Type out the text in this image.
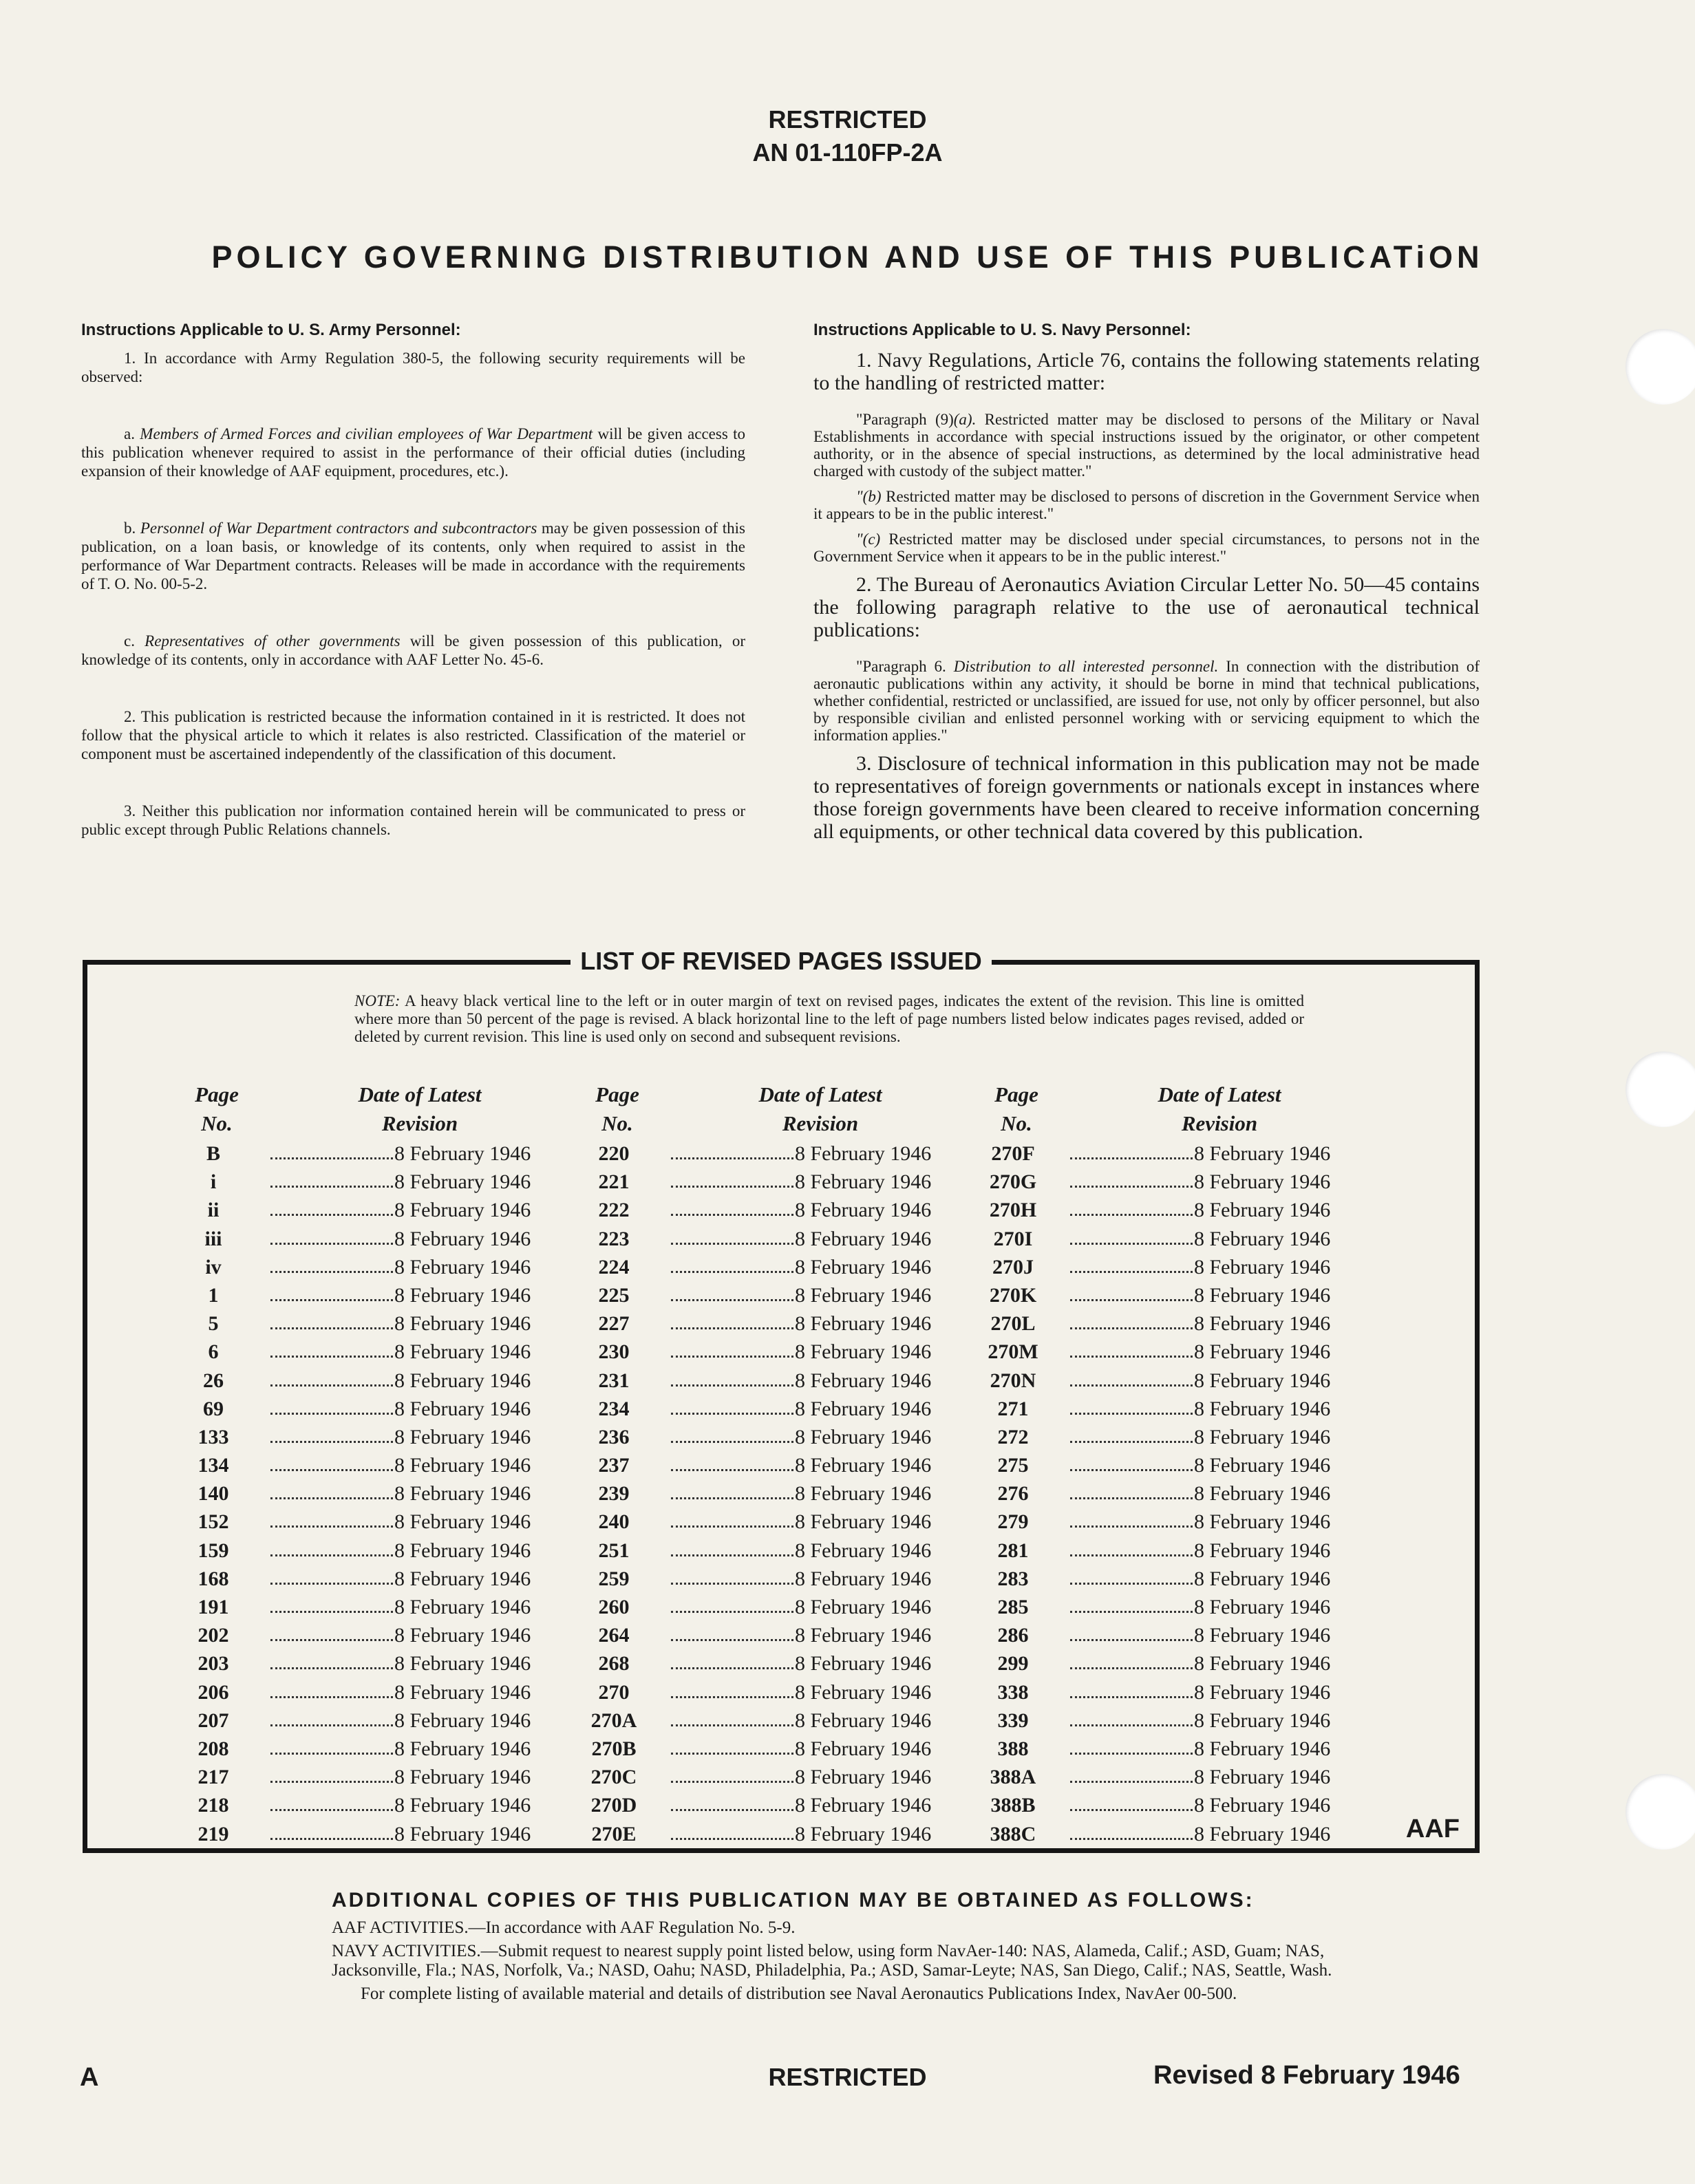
RESTRICTED
AN 01-110FP-2A
POLICY GOVERNING DISTRIBUTION AND USE OF THIS PUBLICATiON
Instructions Applicable to U. S. Army Personnel:

1. In accordance with Army Regulation 380-5, the following security requirements will be observed:

a. Members of Armed Forces and civilian employees of War Department will be given access to this publication whenever required to assist in the performance of their official duties (including expansion of their knowledge of AAF equipment, procedures, etc.).

b. Personnel of War Department contractors and subcontractors may be given possession of this publication, on a loan basis, or knowledge of its contents, only when required to assist in the performance of War Department contracts. Releases will be made in accordance with the requirements of T. O. No. 00-5-2.

c. Representatives of other governments will be given possession of this publication, or knowledge of its contents, only in accordance with AAF Letter No. 45-6.

2. This publication is restricted because the information contained in it is restricted. It does not follow that the physical article to which it relates is also restricted. Classification of the materiel or component must be ascertained independently of the classification of this document.

3. Neither this publication nor information contained herein will be communicated to press or public except through Public Relations channels.

Instructions Applicable to U. S. Navy Personnel:

1. Navy Regulations, Article 76, contains the following statements relating to the handling of restricted matter:

"Paragraph (9)(a). Restricted matter may be disclosed to persons of the Military or Naval Establishments in accordance with special instructions issued by the originator, or other competent authority, or in the absence of special instructions, as determined by the local administrative head charged with custody of the subject matter."

"(b) Restricted matter may be disclosed to persons of discretion in the Government Service when it appears to be in the public interest."

"(c) Restricted matter may be disclosed under special circumstances, to persons not in the Government Service when it appears to be in the public interest."

2. The Bureau of Aeronautics Aviation Circular Letter No. 50—45 contains the following paragraph relative to the use of aeronautical technical publications:

"Paragraph 6. Distribution to all interested personnel. In connection with the distribution of aeronautic publications within any activity, it should be borne in mind that technical publications, whether confidential, restricted or unclassified, are issued for use, not only by officer personnel, but also by responsible civilian and enlisted personnel working with or servicing equipment to which the information applies."

3. Disclosure of technical information in this publication may not be made to representatives of foreign governments or nationals except in instances where those foreign governments have been cleared to receive information concerning all equipments, or other technical data covered by this publication.

LIST OF REVISED PAGES ISSUED
NOTE: A heavy black vertical line to the left or in outer margin of text on revised pages, indicates the extent of the revision. This line is omitted where more than 50 percent of the page is revised. A black horizontal line to the left of page numbers listed below indicates pages revised, added or deleted by current revision. This line is used only on second and subsequent revisions.
Page
No.
Date of Latest
Revision
B	8 February 1946
i	8 February 1946
ii	8 February 1946
iii	8 February 1946
iv	8 February 1946
1	8 February 1946
5	8 February 1946
6	8 February 1946
26	8 February 1946
69	8 February 1946
133	8 February 1946
134	8 February 1946
140	8 February 1946
152	8 February 1946
159	8 February 1946
168	8 February 1946
191	8 February 1946
202	8 February 1946
203	8 February 1946
206	8 February 1946
207	8 February 1946
208	8 February 1946
217	8 February 1946
218	8 February 1946
219	8 February 1946
Page
No.
Date of Latest
Revision
220	8 February 1946
221	8 February 1946
222	8 February 1946
223	8 February 1946
224	8 February 1946
225	8 February 1946
227	8 February 1946
230	8 February 1946
231	8 February 1946
234	8 February 1946
236	8 February 1946
237	8 February 1946
239	8 February 1946
240	8 February 1946
251	8 February 1946
259	8 February 1946
260	8 February 1946
264	8 February 1946
268	8 February 1946
270	8 February 1946
270A	8 February 1946
270B	8 February 1946
270C	8 February 1946
270D	8 February 1946
270E	8 February 1946
Page
No.
Date of Latest
Revision
270F	8 February 1946
270G	8 February 1946
270H	8 February 1946
270I	8 February 1946
270J	8 February 1946
270K	8 February 1946
270L	8 February 1946
270M	8 February 1946
270N	8 February 1946
271	8 February 1946
272	8 February 1946
275	8 February 1946
276	8 February 1946
279	8 February 1946
281	8 February 1946
283	8 February 1946
285	8 February 1946
286	8 February 1946
299	8 February 1946
338	8 February 1946
339	8 February 1946
388	8 February 1946
388A	8 February 1946
388B	8 February 1946
388C	8 February 1946	AAF
ADDITIONAL COPIES OF THIS PUBLICATION MAY BE OBTAINED AS FOLLOWS:

AAF ACTIVITIES.—In accordance with AAF Regulation No. 5-9.

NAVY ACTIVITIES.—Submit request to nearest supply point listed below, using form NavAer-140: NAS, Alameda, Calif.; ASD, Guam; NAS, Jacksonville, Fla.; NAS, Norfolk, Va.; NASD, Oahu; NASD, Philadelphia, Pa.; ASD, Samar-Leyte; NAS, San Diego, Calif.; NAS, Seattle, Wash.

For complete listing of available material and details of distribution see Naval Aeronautics Publications Index, NavAer 00-500.

A	RESTRICTED	Revised 8 February 1946
